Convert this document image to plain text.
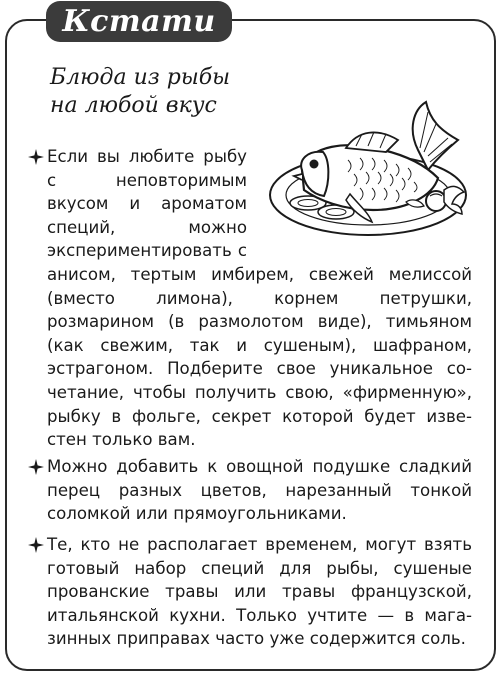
Кстати
Блюда из рыбы
на любой вкус
Если вы любите рыбу с неповторимым вкусом и ароматом специй, можно экспериментировать с анисом, тертым имбирем, свежей мелиссой (вместо лимона), корнем петрушки, розмарином (в размолотом виде), тимьяном (как свежим, так и сушеным), шафраном, эстрагоном. Подберите свое уникальное сочетание, чтобы получить свою, «фирменную», рыбку в фольге, секрет которой будет известен только вам.
Можно добавить к овощной подушке сладкий перец разных цветов, нарезанный тонкой соломкой или прямоугольниками.
Те, кто не располагает временем, могут взять готовый набор специй для рыбы, сушеные прованские травы или травы французской, итальянской кухни. Только учтите — в магазинных приправах часто уже содержится соль.
